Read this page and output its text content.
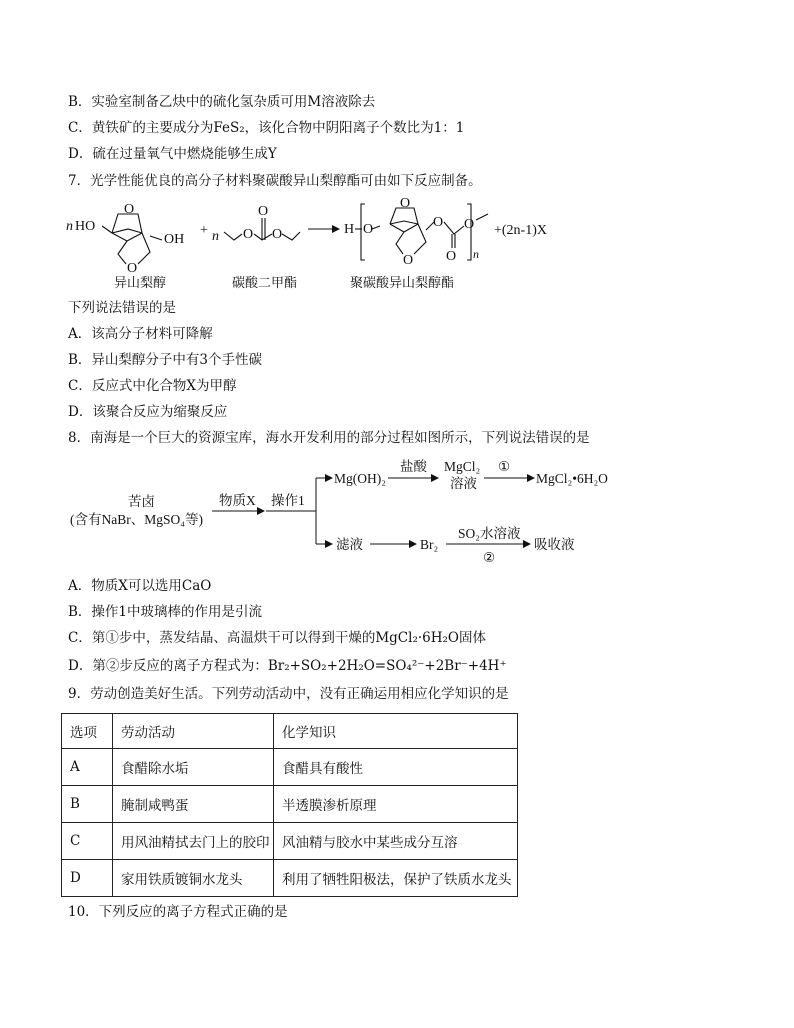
B．实验室制备乙炔中的硫化氢杂质可用M溶液除去
C．黄铁矿的主要成分为FeS₂，该化合物中阴阳离子个数比为1：1
D．硫在过量氧气中燃烧能够生成Y
7．光学性能优良的高分子材料聚碳酸异山梨醇酯可由如下反应制备。
n HO
O
O
OH
+ n O
O
O	H O
O
O
O
O
O
n
+(2n-1)X
异山梨醇	碳酸二甲酯	聚碳酸异山梨醇酯
下列说法错误的是
A．该高分子材料可降解
B．异山梨醇分子中有3个手性碳
C．反应式中化合物X为甲醇
D．该聚合反应为缩聚反应
8．南海是一个巨大的资源宝库，海水开发利用的部分过程如图所示，下列说法错误的是
苦卤
(含有NaBr、MgSO₄等)
物质X 操作1
Mg(OH)₂
盐酸 MgCl₂
溶液
①
MgCl₂•6H₂O
滤液	Br₂
SO₂水溶液
②
吸收液
A．物质X可以选用CaO
B．操作1中玻璃棒的作用是引流
C．第①步中，蒸发结晶、高温烘干可以得到干燥的MgCl₂·6H₂O固体
D．第②步反应的离子方程式为：Br₂+SO₂+2H₂O=SO₄²⁻+2Br⁻+4H⁺
9．劳动创造美好生活。下列劳动活动中，没有正确运用相应化学知识的是
选项	劳动活动	化学知识
A	食醋除水垢	食醋具有酸性
B	腌制咸鸭蛋	半透膜渗析原理
C	用风油精拭去门上的胶印	风油精与胶水中某些成分互溶
D	家用铁质镀铜水龙头	利用了牺牲阳极法，保护了铁质水龙头
10．下列反应的离子方程式正确的是
